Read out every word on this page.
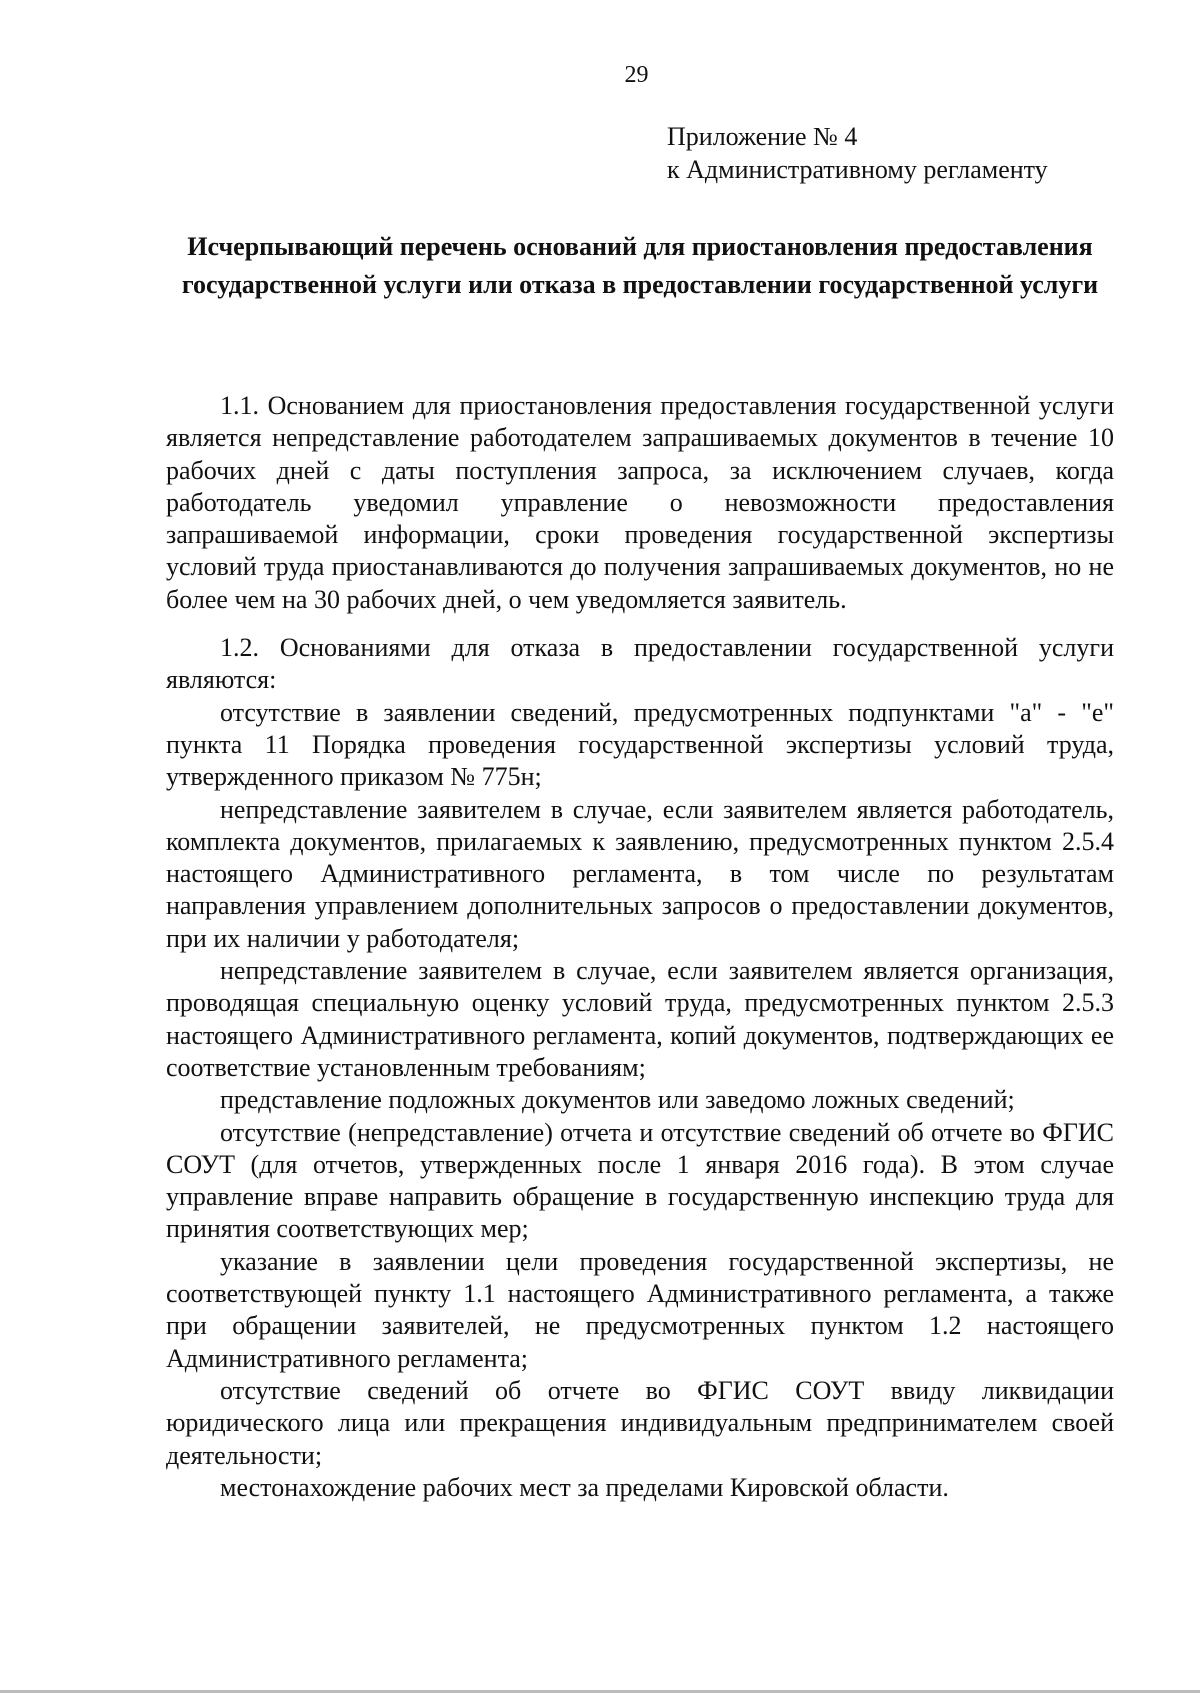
29
Приложение № 4
к Административному регламенту
Исчерпывающий перечень оснований для приостановления предоставления государственной услуги или отказа в предоставлении государственной услуги

1.1. Основанием для приостановления предоставления государственной услуги является непредставление работодателем запрашиваемых документов в течение 10 рабочих дней с даты поступления запроса, за исключением случаев, когда работодатель уведомил управление о невозможности предоставления запрашиваемой информации, сроки проведения государственной экспертизы условий труда приостанавливаются до получения запрашиваемых документов, но не более чем на 30 рабочих дней, о чем уведомляется заявитель.

1.2. Основаниями для отказа в предоставлении государственной услуги являются:

отсутствие в заявлении сведений, предусмотренных подпунктами "а" - "е" пункта 11 Порядка проведения государственной экспертизы условий труда, утвержденного приказом № 775н;

непредставление заявителем в случае, если заявителем является работодатель, комплекта документов, прилагаемых к заявлению, предусмотренных пунктом 2.5.4 настоящего Административного регламента, в том числе по результатам направления управлением дополнительных запросов о предоставлении документов, при их наличии у работодателя;

непредставление заявителем в случае, если заявителем является организация, проводящая специальную оценку условий труда, предусмотренных пунктом 2.5.3 настоящего Административного регламента, копий документов, подтверждающих ее соответствие установленным требованиям;

представление подложных документов или заведомо ложных сведений;

отсутствие (непредставление) отчета и отсутствие сведений об отчете во ФГИС СОУТ (для отчетов, утвержденных после 1 января 2016 года). В этом случае управление вправе направить обращение в государственную инспекцию труда для принятия соответствующих мер;

указание в заявлении цели проведения государственной экспертизы, не соответствующей пункту 1.1 настоящего Административного регламента, а также при обращении заявителей, не предусмотренных пунктом 1.2 настоящего Административного регламента;

отсутствие сведений об отчете во ФГИС СОУТ ввиду ликвидации юридического лица или прекращения индивидуальным предпринимателем своей деятельности;

местонахождение рабочих мест за пределами Кировской области.
